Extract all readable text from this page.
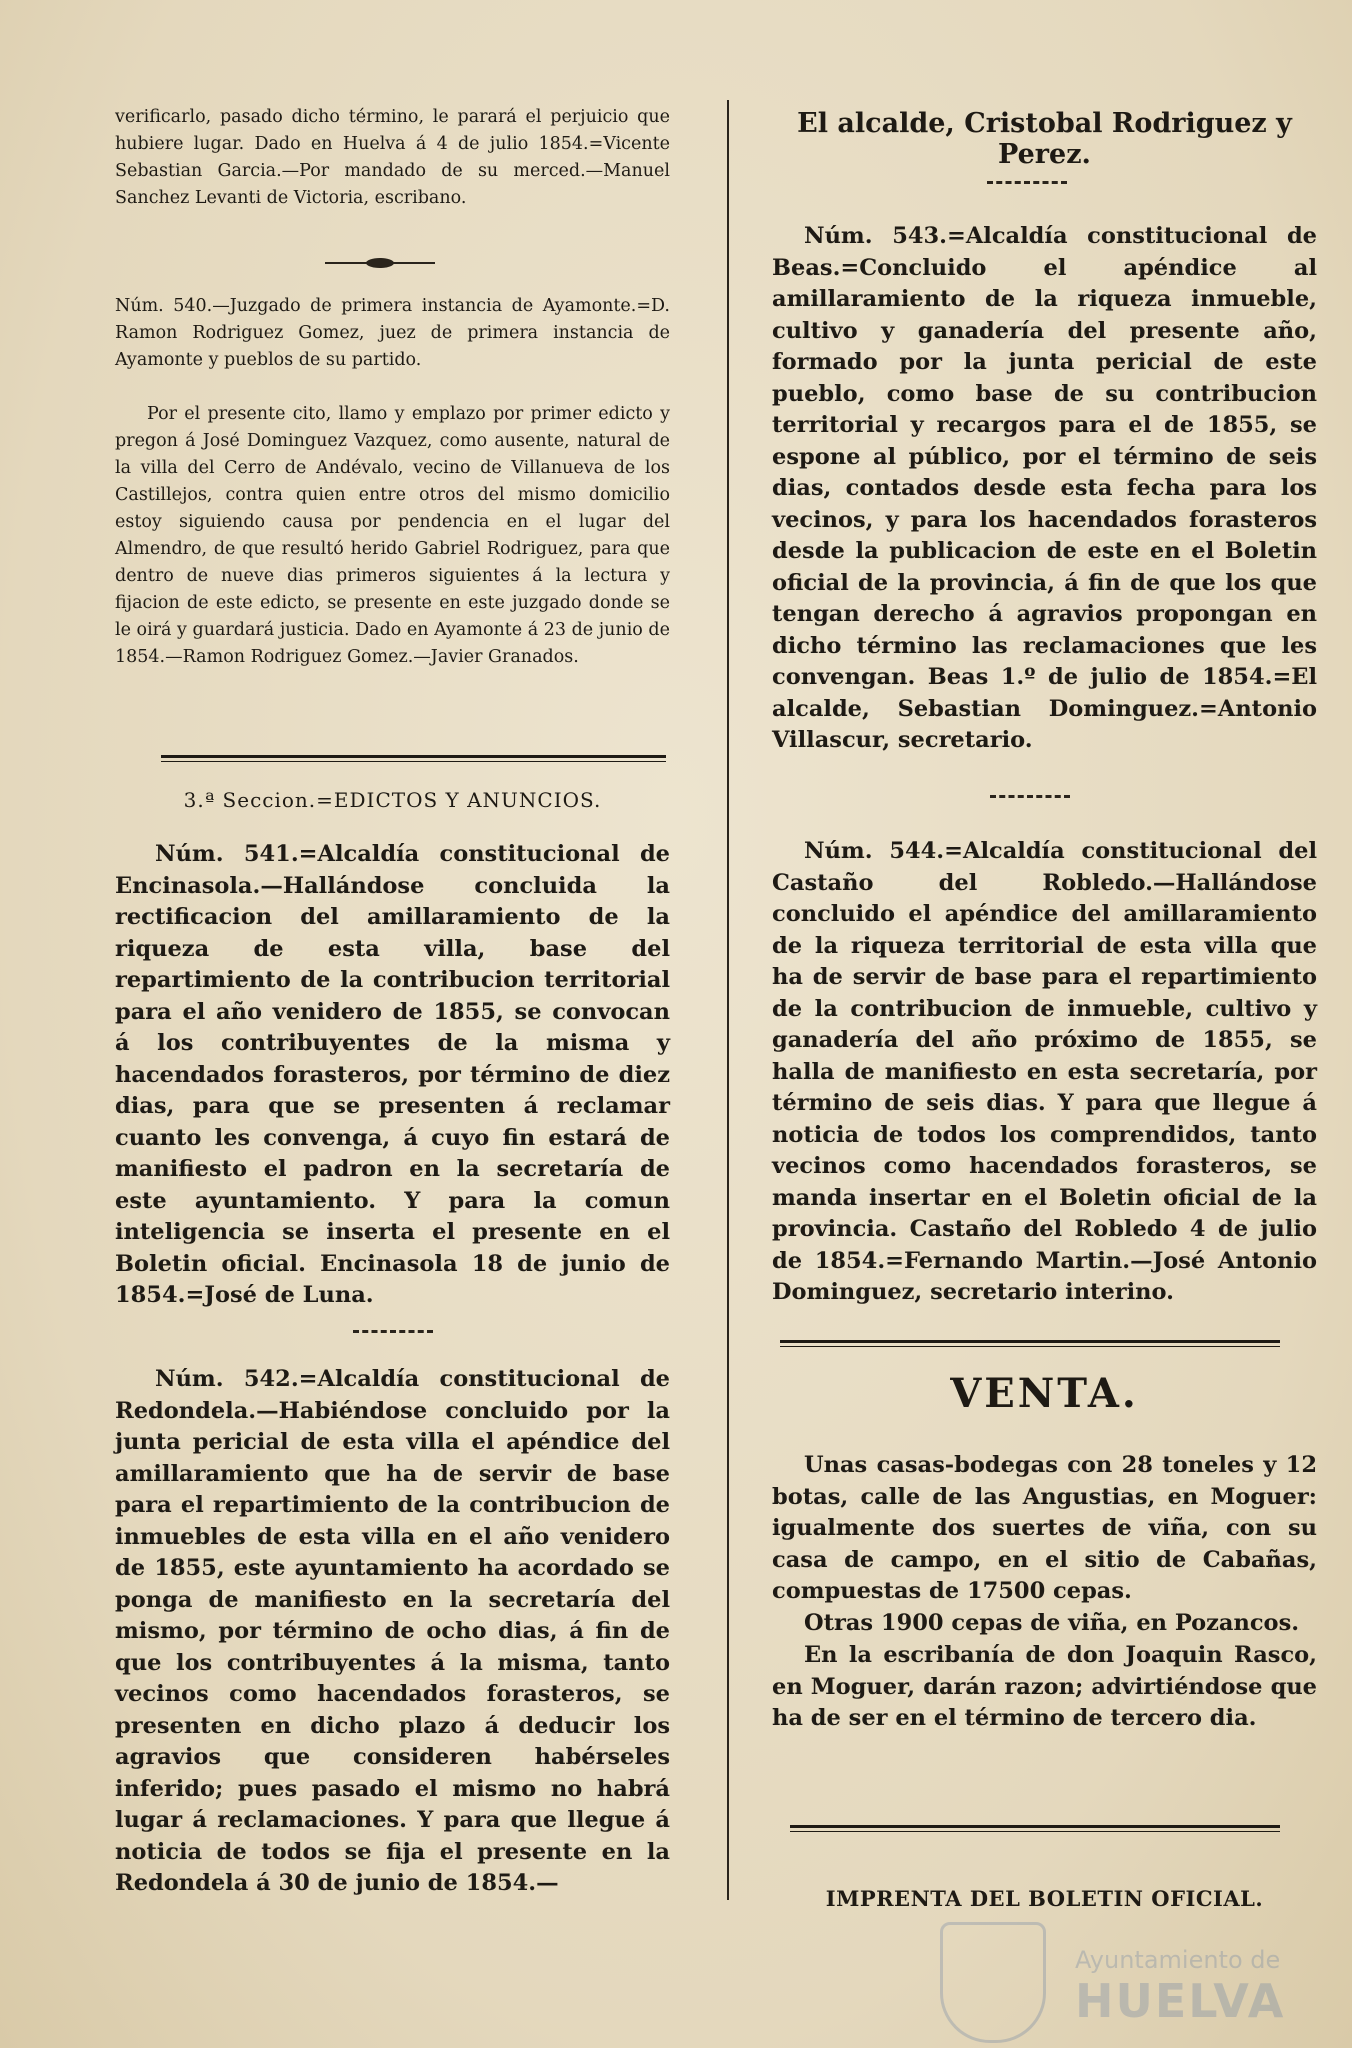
verificarlo, pasado dicho término, le parará el perjuicio que hubiere lugar. Dado en Huelva á 4 de julio 1854.=Vicente Sebastian Garcia.—Por mandado de su merced.—Manuel Sanchez Levanti de Victoria, escribano.

Núm. 540.—Juzgado de primera instancia de Ayamonte.=D. Ramon Rodriguez Gomez, juez de primera instancia de Ayamonte y pueblos de su partido.

Por el presente cito, llamo y emplazo por primer edicto y pregon á José Dominguez Vazquez, como ausente, natural de la villa del Cerro de Andévalo, vecino de Villanueva de los Castillejos, contra quien entre otros del mismo domicilio estoy siguiendo causa por pendencia en el lugar del Almendro, de que resultó herido Gabriel Rodriguez, para que dentro de nueve dias primeros siguientes á la lectura y fijacion de este edicto, se presente en este juzgado donde se le oirá y guardará justicia. Dado en Ayamonte á 23 de junio de 1854.—Ramon Rodriguez Gomez.—Javier Granados.

3.ª Seccion.=EDICTOS Y ANUNCIOS.

Núm. 541.=Alcaldía constitucional de Encinasola.—Hallándose concluida la rectificacion del amillaramiento de la riqueza de esta villa, base del repartimiento de la contribucion territorial para el año venidero de 1855, se convocan á los contribuyentes de la misma y hacendados forasteros, por término de diez dias, para que se presenten á reclamar cuanto les convenga, á cuyo fin estará de manifiesto el padron en la secretaría de este ayuntamiento. Y para la comun inteligencia se inserta el presente en el Boletin oficial. Encinasola 18 de junio de 1854.=José de Luna.

Núm. 542.=Alcaldía constitucional de Redondela.—Habiéndose concluido por la junta pericial de esta villa el apéndice del amillaramiento que ha de servir de base para el repartimiento de la contribucion de inmuebles de esta villa en el año venidero de 1855, este ayuntamiento ha acordado se ponga de manifiesto en la secretaría del mismo, por término de ocho dias, á fin de que los contribuyentes á la misma, tanto vecinos como hacendados forasteros, se presenten en dicho plazo á deducir los agravios que consideren habérseles inferido; pues pasado el mismo no habrá lugar á reclamaciones. Y para que llegue á noticia de todos se fija el presente en la Redondela á 30 de junio de 1854.—

El alcalde, Cristobal Rodriguez y Perez.

Núm. 543.=Alcaldía constitucional de Beas.=Concluido el apéndice al amillaramiento de la riqueza inmueble, cultivo y ganadería del presente año, formado por la junta pericial de este pueblo, como base de su contribucion territorial y recargos para el de 1855, se espone al público, por el término de seis dias, contados desde esta fecha para los vecinos, y para los hacendados forasteros desde la publicacion de este en el Boletin oficial de la provincia, á fin de que los que tengan derecho á agravios propongan en dicho término las reclamaciones que les convengan. Beas 1.º de julio de 1854.=El alcalde, Sebastian Dominguez.=Antonio Villascur, secretario.

Núm. 544.=Alcaldía constitucional del Castaño del Robledo.—Hallándose concluido el apéndice del amillaramiento de la riqueza territorial de esta villa que ha de servir de base para el repartimiento de la contribucion de inmueble, cultivo y ganadería del año próximo de 1855, se halla de manifiesto en esta secretaría, por término de seis dias. Y para que llegue á noticia de todos los comprendidos, tanto vecinos como hacendados forasteros, se manda insertar en el Boletin oficial de la provincia. Castaño del Robledo 4 de julio de 1854.=Fernando Martin.—José Antonio Dominguez, secretario interino.

VENTA.

Unas casas-bodegas con 28 toneles y 12 botas, calle de las Angustias, en Moguer: igualmente dos suertes de viña, con su casa de campo, en el sitio de Cabañas, compuestas de 17500 cepas.

Otras 1900 cepas de viña, en Pozancos.

En la escribanía de don Joaquin Rasco, en Moguer, darán razon; advirtiéndose que ha de ser en el término de tercero dia.

IMPRENTA DEL BOLETIN OFICIAL.
Ayuntamiento de
HUELVA
